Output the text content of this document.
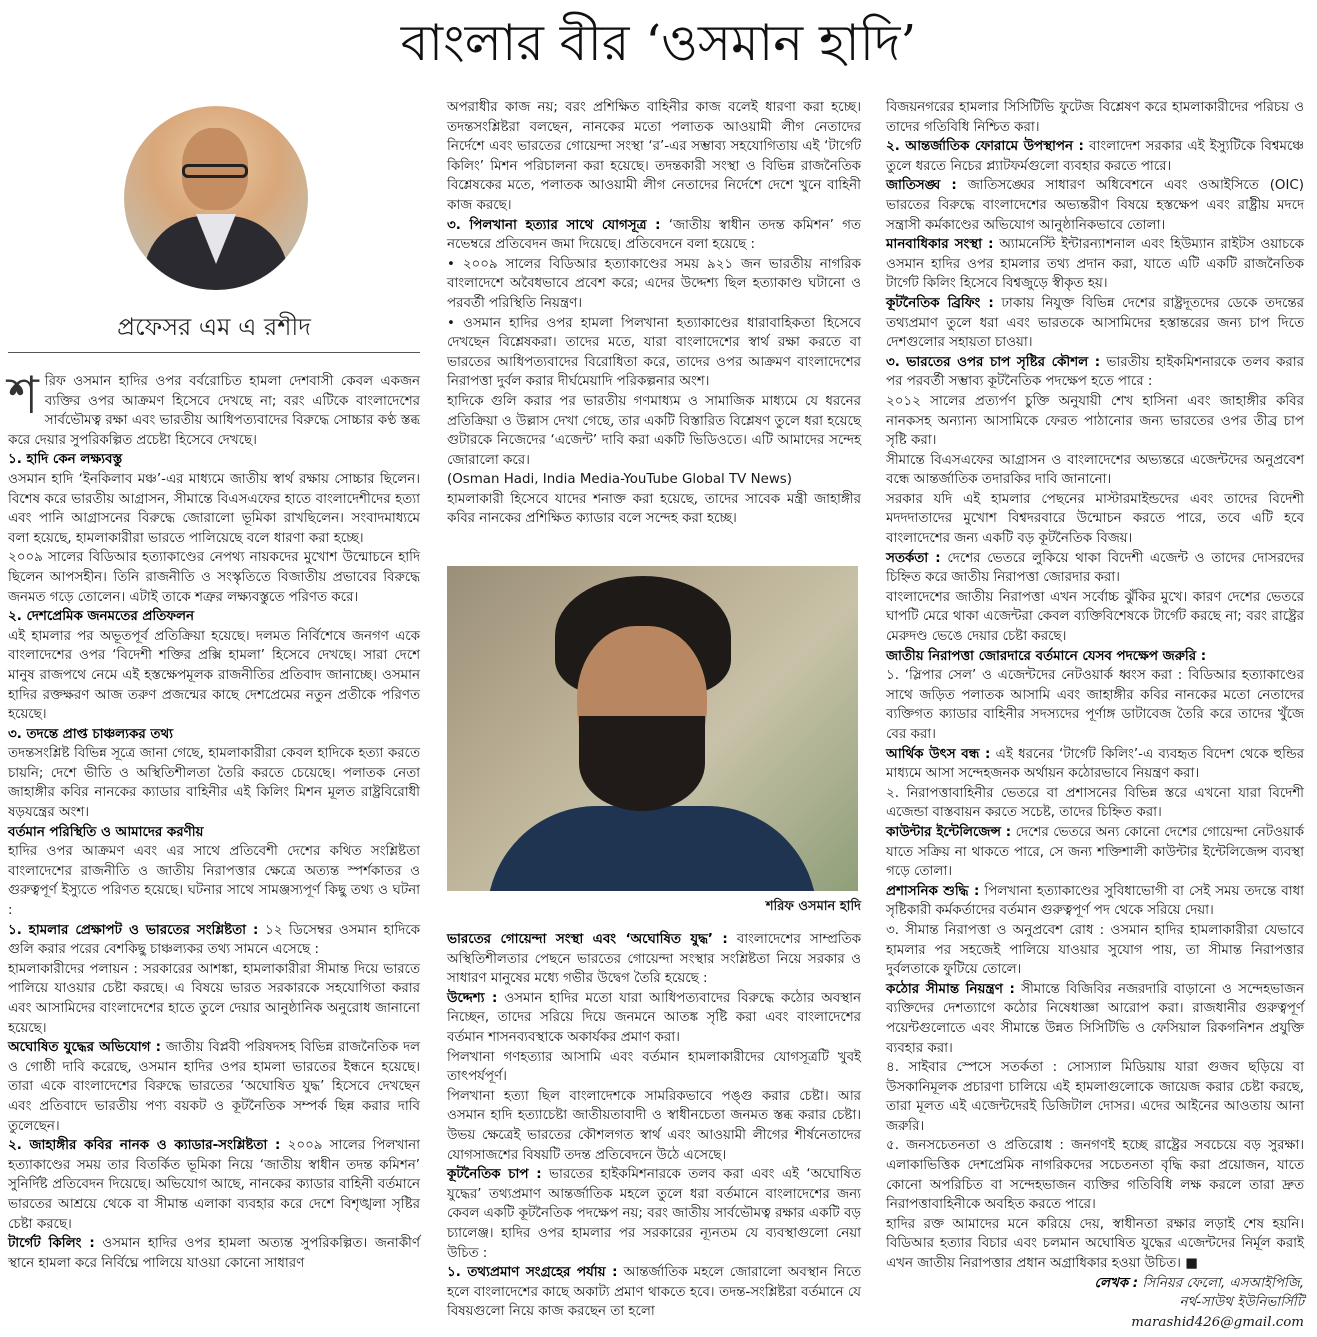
বাংলার বীর ‘ওসমান হাদি’
প্রফেসর এম এ রশীদ

শরিফ ওসমান হাদির ওপর বর্বরোচিত হামলা দেশবাসী কেবল একজন ব্যক্তির ওপর আক্রমণ হিসেবে দেখছে না; বরং এটিকে বাংলাদেশের সার্বভৌমত্ব রক্ষা এবং ভারতীয় আধিপত্যবাদের বিরুদ্ধে সোচ্চার কণ্ঠ স্তব্ধ করে দেয়ার সুপরিকল্পিত প্রচেষ্টা হিসেবে দেখছে।

১. হাদি কেন লক্ষ্যবস্তু

ওসমান হাদি ‘ইনকিলাব মঞ্চ’-এর মাধ্যমে জাতীয় স্বার্থ রক্ষায় সোচ্চার ছিলেন। বিশেষ করে ভারতীয় আগ্রাসন, সীমান্তে বিএসএফের হাতে বাংলাদেশীদের হত্যা এবং পানি আগ্রাসনের বিরুদ্ধে জোরালো ভূমিকা রাখছিলেন। সংবাদমাধ্যমে বলা হয়েছে, হামলাকারীরা ভারতে পালিয়েছে বলে ধারণা করা হচ্ছে।

২০০৯ সালের বিডিআর হত্যাকাণ্ডের নেপথ্য নায়কদের মুখোশ উন্মোচনে হাদি ছিলেন আপসহীন। তিনি রাজনীতি ও সংস্কৃতিতে বিজাতীয় প্রভাবের বিরুদ্ধে জনমত গড়ে তোলেন। এটাই তাকে শত্রুর লক্ষ্যবস্তুতে পরিণত করে।

২. দেশপ্রেমিক জনমতের প্রতিফলন

এই হামলার পর অভূতপূর্ব প্রতিক্রিয়া হয়েছে। দলমত নির্বিশেষে জনগণ একে বাংলাদেশের ওপর ‘বিদেশী শক্তির প্রক্সি হামলা’ হিসেবে দেখছে। সারা দেশে মানুষ রাজপথে নেমে এই হস্তক্ষেপমূলক রাজনীতির প্রতিবাদ জানাচ্ছে। ওসমান হাদির রক্তক্ষরণ আজ তরুণ প্রজন্মের কাছে দেশপ্রেমের নতুন প্রতীকে পরিণত হয়েছে।

৩. তদন্তে প্রাপ্ত চাঞ্চল্যকর তথ্য

তদন্তসংশ্লিষ্ট বিভিন্ন সূত্রে জানা গেছে, হামলাকারীরা কেবল হাদিকে হত্যা করতে চায়নি; দেশে ভীতি ও অস্থিতিশীলতা তৈরি করতে চেয়েছে। পলাতক নেতা জাহাঙ্গীর কবির নানকের ক্যাডার বাহিনীর এই কিলিং মিশন মূলত রাষ্ট্রবিরোধী ষড়যন্ত্রের অংশ।

বর্তমান পরিস্থিতি ও আমাদের করণীয়

হাদির ওপর আক্রমণ এবং এর সাথে প্রতিবেশী দেশের কথিত সংশ্লিষ্টতা বাংলাদেশের রাজনীতি ও জাতীয় নিরাপত্তার ক্ষেত্রে অত্যন্ত স্পর্শকাতর ও গুরুত্বপূর্ণ ইস্যুতে পরিণত হয়েছে। ঘটনার সাথে সামঞ্জস্যপূর্ণ কিছু তথ্য ও ঘটনা :

১. হামলার প্রেক্ষাপট ও ভারতের সংশ্লিষ্টতা : ১২ ডিসেম্বর ওসমান হাদিকে গুলি করার পরের বেশকিছু চাঞ্চল্যকর তথ্য সামনে এসেছে :

হামলাকারীদের পলায়ন : সরকারের আশঙ্কা, হামলাকারীরা সীমান্ত দিয়ে ভারতে পালিয়ে যাওয়ার চেষ্টা করছে। এ বিষয়ে ভারত সরকারকে সহযোগিতা করার এবং আসামিদের বাংলাদেশের হাতে তুলে দেয়ার আনুষ্ঠানিক অনুরোধ জানানো হয়েছে।

অঘোষিত যুদ্ধের অভিযোগ : জাতীয় বিপ্লবী পরিষদসহ বিভিন্ন রাজনৈতিক দল ও গোষ্ঠী দাবি করেছে, ওসমান হাদির ওপর হামলা ভারতের ইন্ধনে হয়েছে। তারা একে বাংলাদেশের বিরুদ্ধে ভারতের ‘অঘোষিত যুদ্ধ’ হিসেবে দেখছেন এবং প্রতিবাদে ভারতীয় পণ্য বয়কট ও কূটনৈতিক সম্পর্ক ছিন্ন করার দাবি তুলেছেন।

২. জাহাঙ্গীর কবির নানক ও ক্যাডার-সংশ্লিষ্টতা : ২০০৯ সালের পিলখানা হত্যাকাণ্ডের সময় তার বিতর্কিত ভূমিকা নিয়ে ‘জাতীয় স্বাধীন তদন্ত কমিশন’ সুনির্দিষ্ট প্রতিবেদন দিয়েছে। অভিযোগ আছে, নানকের ক্যাডার বাহিনী বর্তমানে ভারতের আশ্রয়ে থেকে বা সীমান্ত এলাকা ব্যবহার করে দেশে বিশৃঙ্খলা সৃষ্টির চেষ্টা করছে।

টার্গেট কিলিং : ওসমান হাদির ওপর হামলা অত্যন্ত সুপরিকল্পিত। জনাকীর্ণ স্থানে হামলা করে নির্বিঘ্নে পালিয়ে যাওয়া কোনো সাধারণ

অপরাধীর কাজ নয়; বরং প্রশিক্ষিত বাহিনীর কাজ বলেই ধারণা করা হচ্ছে। তদন্তসংশ্লিষ্টরা বলছেন, নানকের মতো পলাতক আওয়ামী লীগ নেতাদের নির্দেশে এবং ভারতের গোয়েন্দা সংস্থা ‘র’-এর সম্ভাব্য সহযোগিতায় এই ‘টার্গেট কিলিং’ মিশন পরিচালনা করা হয়েছে। তদন্তকারী সংস্থা ও বিভিন্ন রাজনৈতিক বিশ্লেষকের মতে, পলাতক আওয়ামী লীগ নেতাদের নির্দেশে দেশে খুনে বাহিনী কাজ করছে।

৩. পিলখানা হত্যার সাথে যোগসূত্র : ‘জাতীয় স্বাধীন তদন্ত কমিশন’ গত নভেম্বরে প্রতিবেদন জমা দিয়েছে। প্রতিবেদনে বলা হয়েছে :

• ২০০৯ সালের বিডিআর হত্যাকাণ্ডের সময় ৯২১ জন ভারতীয় নাগরিক বাংলাদেশে অবৈধভাবে প্রবেশ করে; এদের উদ্দেশ্য ছিল হত্যাকাণ্ড ঘটানো ও পরবর্তী পরিস্থিতি নিয়ন্ত্রণ।

• ওসমান হাদির ওপর হামলা পিলখানা হত্যাকাণ্ডের ধারাবাহিকতা হিসেবে দেখছেন বিশ্লেষকরা। তাদের মতে, যারা বাংলাদেশের স্বার্থ রক্ষা করতে বা ভারতের আধিপত্যবাদের বিরোধিতা করে, তাদের ওপর আক্রমণ বাংলাদেশের নিরাপত্তা দুর্বল করার দীর্ঘমেয়াদি পরিকল্পনার অংশ।

হাদিকে গুলি করার পর ভারতীয় গণমাধ্যম ও সামাজিক মাধ্যমে যে ধরনের প্রতিক্রিয়া ও উল্লাস দেখা গেছে, তার একটি বিস্তারিত বিশ্লেষণ তুলে ধরা হয়েছে গুটারকে নিজেদের ‘এজেন্ট’ দাবি করা একটি ভিডিওতে। এটি আমাদের সন্দেহ জোরালো করে।

(Osman Hadi, India Media-YouTube Global TV News)

হামলাকারী হিসেবে যাদের শনাক্ত করা হয়েছে, তাদের সাবেক মন্ত্রী জাহাঙ্গীর কবির নানকের প্রশিক্ষিত ক্যাডার বলে সন্দেহ করা হচ্ছে।

শরিফ ওসমান হাদি

ভারতের গোয়েন্দা সংস্থা এবং ‘অঘোষিত যুদ্ধ’ : বাংলাদেশের সাম্প্রতিক অস্থিতিশীলতার পেছনে ভারতের গোয়েন্দা সংস্থার সংশ্লিষ্টতা নিয়ে সরকার ও সাধারণ মানুষের মধ্যে গভীর উদ্বেগ তৈরি হয়েছে :

উদ্দেশ্য : ওসমান হাদির মতো যারা আধিপত্যবাদের বিরুদ্ধে কঠোর অবস্থান নিচ্ছেন, তাদের সরিয়ে দিয়ে জনমনে আতঙ্ক সৃষ্টি করা এবং বাংলাদেশের বর্তমান শাসনব্যবস্থাকে অকার্যকর প্রমাণ করা।

পিলখানা গণহত্যার আসামি এবং বর্তমান হামলাকারীদের যোগসূত্রটি খুবই তাৎপর্যপূর্ণ।

পিলখানা হত্যা ছিল বাংলাদেশকে সামরিকভাবে পঙ্গু করার চেষ্টা। আর ওসমান হাদি হত্যাচেষ্টা জাতীয়তাবাদী ও স্বাধীনচেতা জনমত স্তব্ধ করার চেষ্টা। উভয় ক্ষেত্রেই ভারতের কৌশলগত স্বার্থ এবং আওয়ামী লীগের শীর্ষনেতাদের যোগসাজশের বিষয়টি তদন্ত প্রতিবেদনে উঠে এসেছে।

কূটনৈতিক চাপ : ভারতের হাইকমিশনারকে তলব করা এবং এই ‘অঘোষিত যুদ্ধের’ তথ্যপ্রমাণ আন্তর্জাতিক মহলে তুলে ধরা বর্তমানে বাংলাদেশের জন্য কেবল একটি কূটনৈতিক পদক্ষেপ নয়; বরং জাতীয় সার্বভৌমত্ব রক্ষার একটি বড় চ্যালেঞ্জ। হাদির ওপর হামলার পর সরকারের ন্যূনতম যে ব্যবস্থাগুলো নেয়া উচিত :

১. তথ্যপ্রমাণ সংগ্রহের পর্যায় : আন্তর্জাতিক মহলে জোরালো অবস্থান নিতে হলে বাংলাদেশের কাছে অকাট্য প্রমাণ থাকতে হবে। তদন্ত-সংশ্লিষ্টরা বর্তমানে যে বিষয়গুলো নিয়ে কাজ করছেন তা হলো

বিজয়নগরের হামলার সিসিটিভি ফুটেজ বিশ্লেষণ করে হামলাকারীদের পরিচয় ও তাদের গতিবিধি নিশ্চিত করা।

২. আন্তর্জাতিক ফোরামে উপস্থাপন : বাংলাদেশ সরকার এই ইস্যুটিকে বিশ্বমঞ্চে তুলে ধরতে নিচের প্ল্যাটফর্মগুলো ব্যবহার করতে পারে।

জাতিসঙ্ঘ : জাতিসঙ্ঘের সাধারণ অধিবেশনে এবং ওআইসিতে (OIC) ভারতের বিরুদ্ধে বাংলাদেশের অভ্যন্তরীণ বিষয়ে হস্তক্ষেপ এবং রাষ্ট্রীয় মদদে সন্ত্রাসী কর্মকাণ্ডের অভিযোগ আনুষ্ঠানিকভাবে তোলা।

মানবাধিকার সংস্থা : অ্যামনেস্টি ইন্টারন্যাশনাল এবং হিউম্যান রাইটস ওয়াচকে ওসমান হাদির ওপর হামলার তথ্য প্রদান করা, যাতে এটি একটি রাজনৈতিক টার্গেট কিলিং হিসেবে বিশ্বজুড়ে স্বীকৃত হয়।

কূটনৈতিক ব্রিফিং : ঢাকায় নিযুক্ত বিভিন্ন দেশের রাষ্ট্রদূতদের ডেকে তদন্তের তথ্যপ্রমাণ তুলে ধরা এবং ভারতকে আসামিদের হস্তান্তরের জন্য চাপ দিতে দেশগুলোর সহায়তা চাওয়া।

৩. ভারতের ওপর চাপ সৃষ্টির কৌশল : ভারতীয় হাইকমিশনারকে তলব করার পর পরবর্তী সম্ভাব্য কূটনৈতিক পদক্ষেপ হতে পারে :

২০১২ সালের প্রত্যর্পণ চুক্তি অনুযায়ী শেখ হাসিনা এবং জাহাঙ্গীর কবির নানকসহ অন্যান্য আসামিকে ফেরত পাঠানোর জন্য ভারতের ওপর তীব্র চাপ সৃষ্টি করা।

সীমান্তে বিএসএফের আগ্রাসন ও বাংলাদেশের অভ্যন্তরে এজেন্টদের অনুপ্রবেশ বন্ধে আন্তর্জাতিক তদারকির দাবি জানানো।

সরকার যদি এই হামলার পেছনের মাস্টারমাইন্ডদের এবং তাদের বিদেশী মদদদাতাদের মুখোশ বিশ্বদরবারে উন্মোচন করতে পারে, তবে এটি হবে বাংলাদেশের জন্য একটি বড় কূটনৈতিক বিজয়।

সতর্কতা : দেশের ভেতরে লুকিয়ে থাকা বিদেশী এজেন্ট ও তাদের দোসরদের চিহ্নিত করে জাতীয় নিরাপত্তা জোরদার করা।

বাংলাদেশের জাতীয় নিরাপত্তা এখন সর্বোচ্চ ঝুঁকির মুখে। কারণ দেশের ভেতরে ঘাপটি মেরে থাকা এজেন্টরা কেবল ব্যক্তিবিশেষকে টার্গেট করছে না; বরং রাষ্ট্রের মেরুদণ্ড ভেঙে দেয়ার চেষ্টা করছে।

জাতীয় নিরাপত্তা জোরদারে বর্তমানে যেসব পদক্ষেপ জরুরি :

১. ‘স্লিপার সেল’ ও এজেন্টদের নেটওয়ার্ক ধ্বংস করা : বিডিআর হত্যাকাণ্ডের সাথে জড়িত পলাতক আসামি এবং জাহাঙ্গীর কবির নানকের মতো নেতাদের ব্যক্তিগত ক্যাডার বাহিনীর সদস্যদের পূর্ণাঙ্গ ডাটাবেজ তৈরি করে তাদের খুঁজে বের করা।

আর্থিক উৎস বন্ধ : এই ধরনের ‘টার্গেট কিলিং’-এ ব্যবহৃত বিদেশ থেকে হুন্ডির মাধ্যমে আসা সন্দেহজনক অর্থায়ন কঠোরভাবে নিয়ন্ত্রণ করা।

২. নিরাপত্তাবাহিনীর ভেতরে বা প্রশাসনের বিভিন্ন স্তরে এখনো যারা বিদেশী এজেন্ডা বাস্তবায়ন করতে সচেষ্ট, তাদের চিহ্নিত করা।

কাউন্টার ইন্টেলিজেন্স : দেশের ভেতরে অন্য কোনো দেশের গোয়েন্দা নেটওয়ার্ক যাতে সক্রিয় না থাকতে পারে, সে জন্য শক্তিশালী কাউন্টার ইন্টেলিজেন্স ব্যবস্থা গড়ে তোলা।

প্রশাসনিক শুদ্ধি : পিলখানা হত্যাকাণ্ডের সুবিধাভোগী বা সেই সময় তদন্তে বাধা সৃষ্টিকারী কর্মকর্তাদের বর্তমান গুরুত্বপূর্ণ পদ থেকে সরিয়ে দেয়া।

৩. সীমান্ত নিরাপত্তা ও অনুপ্রবেশ রোধ : ওসমান হাদির হামলাকারীরা যেভাবে হামলার পর সহজেই পালিয়ে যাওয়ার সুযোগ পায়, তা সীমান্ত নিরাপত্তার দুর্বলতাকে ফুটিয়ে তোলে।

কঠোর সীমান্ত নিয়ন্ত্রণ : সীমান্তে বিজিবির নজরদারি বাড়ানো ও সন্দেহভাজন ব্যক্তিদের দেশত্যাগে কঠোর নিষেধাজ্ঞা আরোপ করা। রাজধানীর গুরুত্বপূর্ণ পয়েন্টগুলোতে এবং সীমান্তে উন্নত সিসিটিভি ও ফেসিয়াল রিকগনিশন প্রযুক্তি ব্যবহার করা।

৪. সাইবার স্পেসে সতর্কতা : সোস্যাল মিডিয়ায় যারা গুজব ছড়িয়ে বা উসকানিমূলক প্রচারণা চালিয়ে এই হামলাগুলোকে জায়েজ করার চেষ্টা করছে, তারা মূলত এই এজেন্টদেরই ডিজিটাল দোসর। এদের আইনের আওতায় আনা জরুরি।

৫. জনসচেতনতা ও প্রতিরোধ : জনগণই হচ্ছে রাষ্ট্রের সবচেয়ে বড় সুরক্ষা। এলাকাভিত্তিক দেশপ্রেমিক নাগরিকদের সচেতনতা বৃদ্ধি করা প্রয়োজন, যাতে কোনো অপরিচিত বা সন্দেহভাজন ব্যক্তির গতিবিধি লক্ষ করলে তারা দ্রুত নিরাপত্তাবাহিনীকে অবহিত করতে পারে।

হাদির রক্ত আমাদের মনে করিয়ে দেয়, স্বাধীনতা রক্ষার লড়াই শেষ হয়নি। বিডিআর হত্যার বিচার এবং চলমান অঘোষিত যুদ্ধের এজেন্টদের নির্মূল করাই এখন জাতীয় নিরাপত্তার প্রধান অগ্রাধিকার হওয়া উচিত। ■

লেখক : সিনিয়র ফেলো, এসআইপিজি,
নর্থ-সাউথ ইউনিভার্সিটি

marashid426@gmail.com
